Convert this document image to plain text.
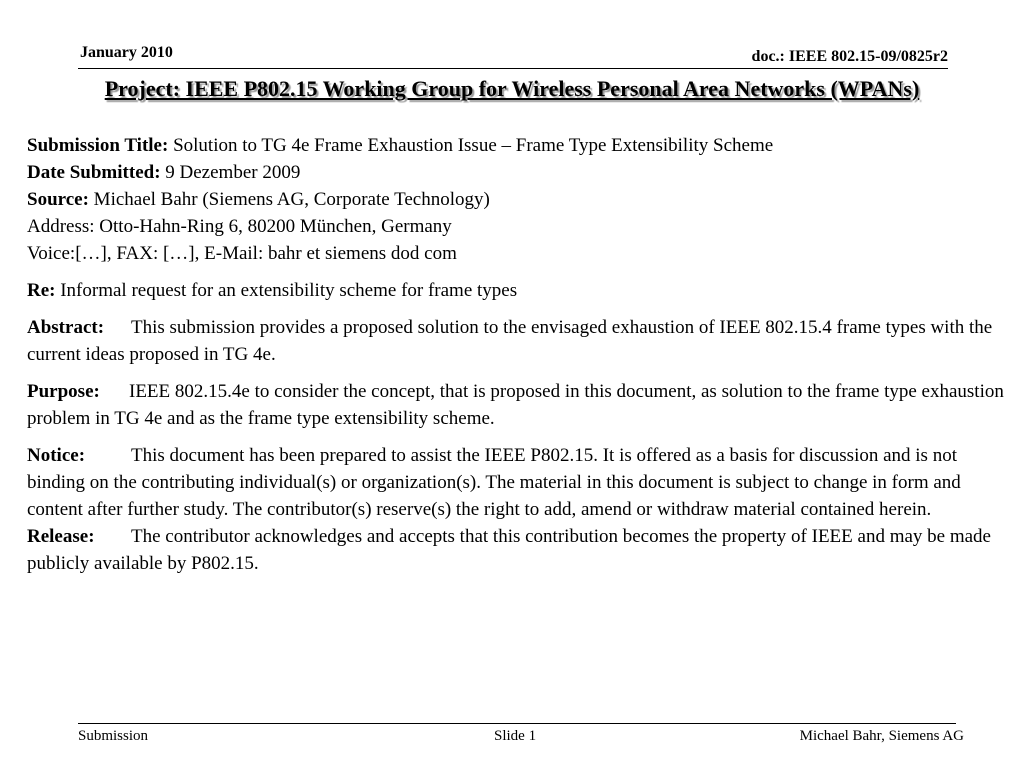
January 2010	doc.: IEEE 802.15-09/0825r2
Project: IEEE P802.15 Working Group for Wireless Personal Area Networks (WPANs)

Submission Title: Solution to TG 4e Frame Exhaustion Issue – Frame Type Extensibility Scheme

Date Submitted: 9 Dezember 2009

Source: Michael Bahr (Siemens AG, Corporate Technology)

Address: Otto-Hahn-Ring 6, 80200 München, Germany

Voice:[…], FAX: […], E-Mail: bahr et siemens dod com

Re: Informal request for an extensibility scheme for frame types

Abstract: This submission provides a proposed solution to the envisaged exhaustion of IEEE 802.15.4 frame types with the current ideas proposed in TG 4e.

Purpose: IEEE 802.15.4e to consider the concept, that is proposed in this document, as solution to the frame type exhaustion problem in TG 4e and as the frame type extensibility scheme.

Notice: This document has been prepared to assist the IEEE P802.15. It is offered as a basis for discussion and is not binding on the contributing individual(s) or organization(s). The material in this document is subject to change in form and content after further study. The contributor(s) reserve(s) the right to add, amend or withdraw material contained herein.

Release: The contributor acknowledges and accepts that this contribution becomes the property of IEEE and may be made publicly available by P802.15.

Submission	Slide 1	Michael Bahr, Siemens AG
